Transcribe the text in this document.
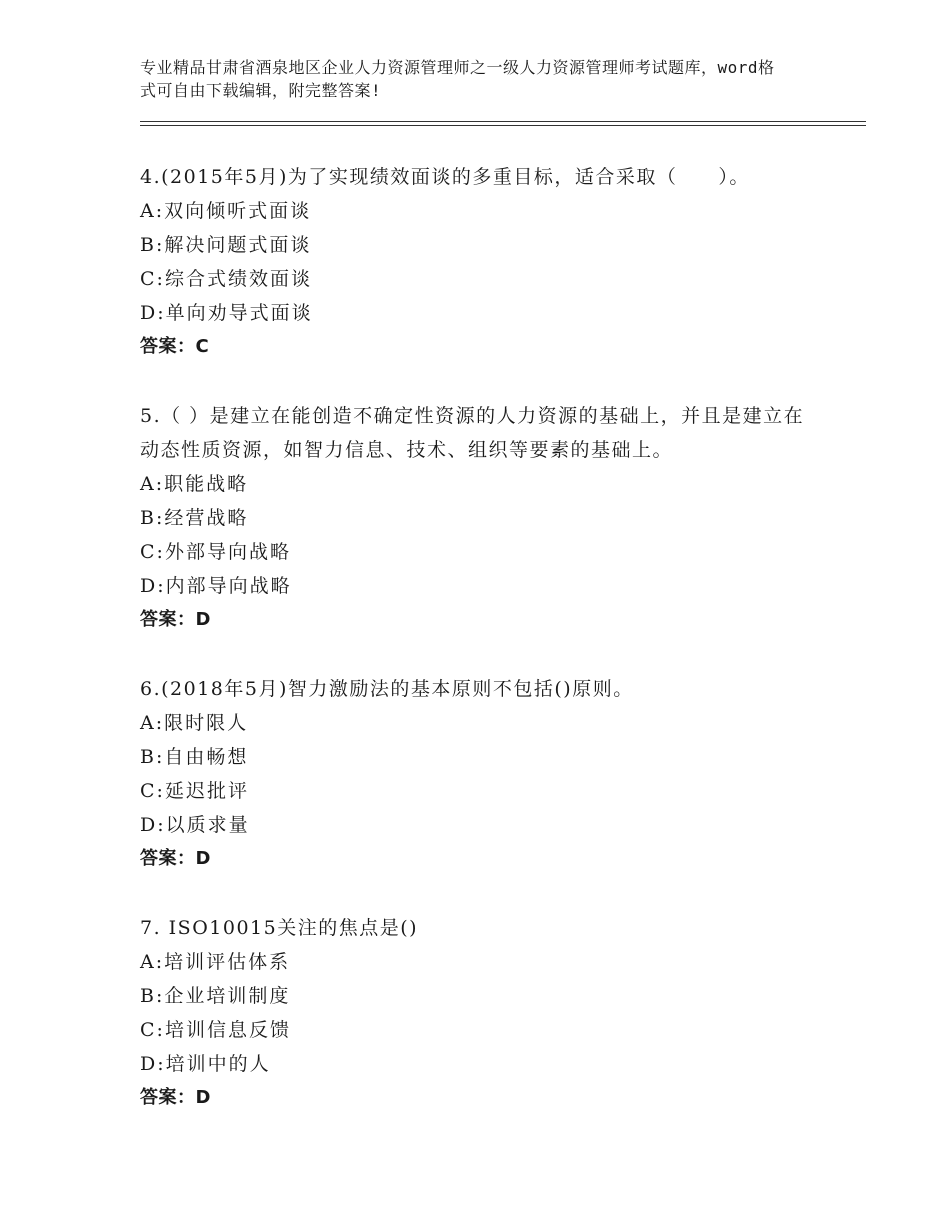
专业精品甘肃省酒泉地区企业人力资源管理师之一级人力资源管理师考试题库，word格式可自由下载编辑，附完整答案!

4.(2015年5月)为了实现绩效面谈的多重目标，适合采取（　　）。

A:双向倾听式面谈

B:解决问题式面谈

C:综合式绩效面谈

D:单向劝导式面谈

答案：C

5.（ ）是建立在能创造不确定性资源的人力资源的基础上，并且是建立在动态性质资源，如智力信息、技术、组织等要素的基础上。

A:职能战略

B:经营战略

C:外部导向战略

D:内部导向战略

答案：D

6.(2018年5月)智力激励法的基本原则不包括()原则。

A:限时限人

B:自由畅想

C:延迟批评

D:以质求量

答案：D

7. ISO10015关注的焦点是()

A:培训评估体系

B:企业培训制度

C:培训信息反馈

D:培训中的人

答案：D
